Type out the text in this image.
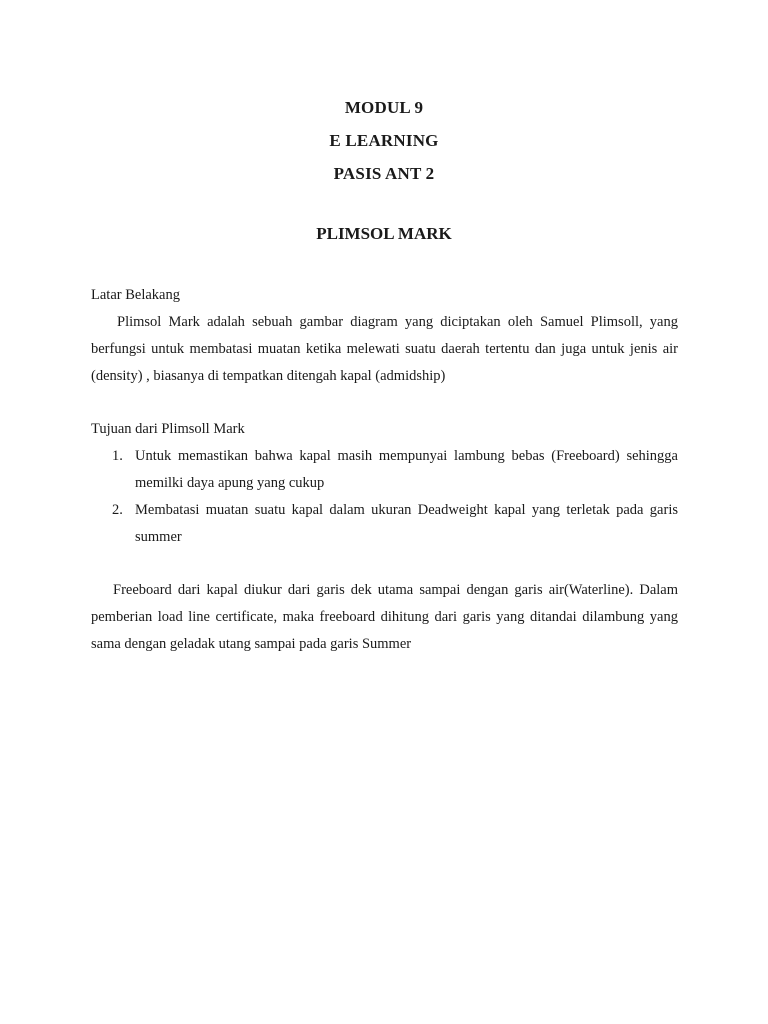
MODUL 9
E LEARNING
PASIS ANT 2
PLIMSOL MARK

Latar Belakang

Plimsol Mark adalah sebuah gambar diagram yang diciptakan oleh Samuel Plimsoll, yang berfungsi untuk membatasi muatan ketika melewati suatu daerah tertentu dan juga untuk jenis air (density) , biasanya di tempatkan ditengah kapal (admidship)

Tujuan dari Plimsoll Mark

1. Untuk memastikan bahwa kapal masih mempunyai lambung bebas (Freeboard) sehingga memilki daya apung yang cukup
2. Membatasi muatan suatu kapal dalam ukuran Deadweight kapal yang terletak pada garis summer

Freeboard dari kapal diukur dari garis dek utama sampai dengan garis air(Waterline). Dalam pemberian load line certificate, maka freeboard dihitung dari garis yang ditandai dilambung yang sama dengan geladak utang sampai pada garis Summer
